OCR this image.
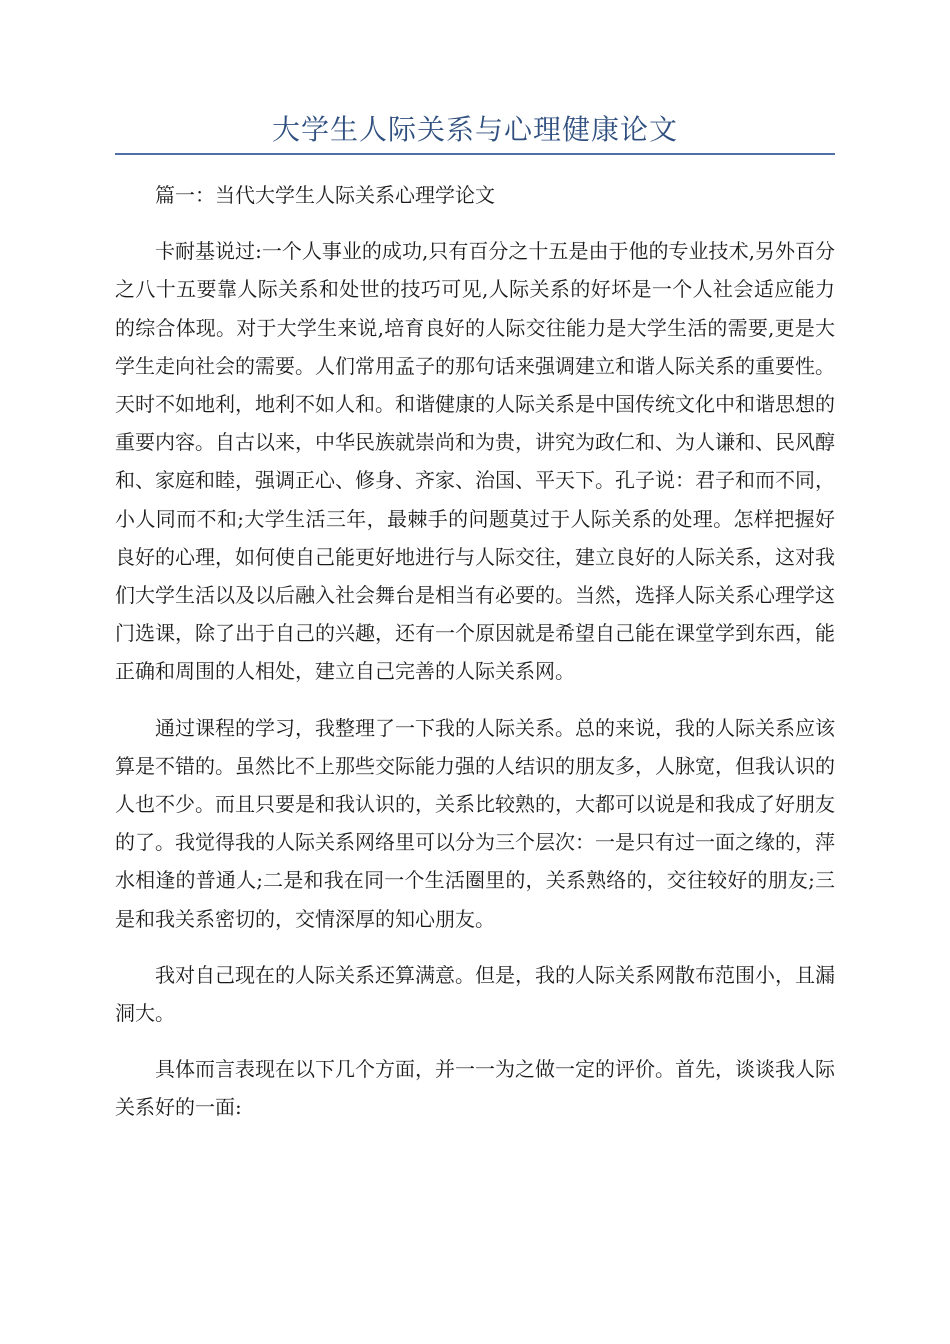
大学生人际关系与心理健康论文

篇一：当代大学生人际关系心理学论文

卡耐基说过:一个人事业的成功,只有百分之十五是由于他的专业技术,另外百分之八十五要靠人际关系和处世的技巧可见,人际关系的好坏是一个人社会适应能力的综合体现。对于大学生来说,培育良好的人际交往能力是大学生活的需要,更是大学生走向社会的需要。人们常用孟子的那句话来强调建立和谐人际关系的重要性。天时不如地利，地利不如人和。和谐健康的人际关系是中国传统文化中和谐思想的重要内容。自古以来，中华民族就崇尚和为贵，讲究为政仁和、为人谦和、民风醇和、家庭和睦，强调正心、修身、齐家、治国、平天下。孔子说：君子和而不同，小人同而不和;大学生活三年，最棘手的问题莫过于人际关系的处理。怎样把握好良好的心理，如何使自己能更好地进行与人际交往，建立良好的人际关系，这对我们大学生活以及以后融入社会舞台是相当有必要的。当然，选择人际关系心理学这门选课，除了出于自己的兴趣，还有一个原因就是希望自己能在课堂学到东西，能正确和周围的人相处，建立自己完善的人际关系网。

通过课程的学习，我整理了一下我的人际关系。总的来说，我的人际关系应该算是不错的。虽然比不上那些交际能力强的人结识的朋友多，人脉宽，但我认识的人也不少。而且只要是和我认识的，关系比较熟的，大都可以说是和我成了好朋友的了。我觉得我的人际关系网络里可以分为三个层次：一是只有过一面之缘的，萍水相逢的普通人;二是和我在同一个生活圈里的，关系熟络的，交往较好的朋友;三是和我关系密切的，交情深厚的知心朋友。

我对自己现在的人际关系还算满意。但是，我的人际关系网散布范围小，且漏洞大。

具体而言表现在以下几个方面，并一一为之做一定的评价。首先，谈谈我人际关系好的一面:
